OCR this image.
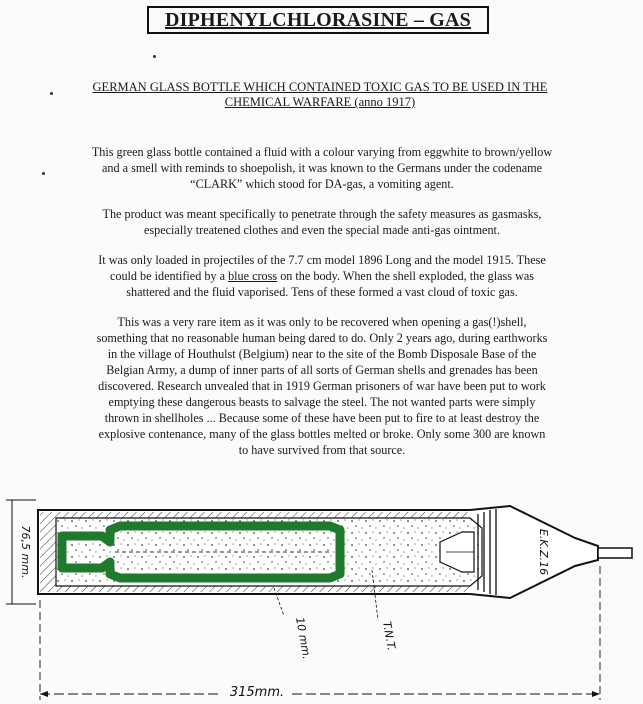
DIPHENYLCHLORASINE – GAS
GERMAN GLASS BOTTLE WHICH CONTAINED TOXIC GAS TO BE USED IN THE
CHEMICAL WARFARE (anno 1917)
This green glass bottle contained a fluid with a colour varying from eggwhite to brown/yellow
and a smell with reminds to shoepolish, it was known to the Germans under the codename
“CLARK” which stood for DA-gas, a vomiting agent.
The product was meant specifically to penetrate through the safety measures as gasmasks,
especially treatened clothes and even the special made anti-gas ointment.
It was only loaded in projectiles of the 7.7 cm model 1896 Long and the model 1915. These
could be identified by a blue cross on the body. When the shell exploded, the glass was
shattered and the fluid vaporised. Tens of these formed a vast cloud of toxic gas.
This was a very rare item as it was only to be recovered when opening a gas(!)shell,
something that no reasonable human being dared to do. Only 2 years ago, during earthworks
in the village of Houthulst (Belgium) near to the site of the Bomb Disposale Base of the
Belgian Army, a dump of inner parts of all sorts of German shells and grenades has been
discovered. Research unvealed that in 1919 German prisoners of war have been put to work
emptying these dangerous beasts to salvage the steel. The not wanted parts were simply
thrown in shellholes ... Because some of these have been put to fire to at least destroy the
explosive contenance, many of the glass bottles melted or broke. Only some 300 are known
to have survived from that source.
E.K.Z.16
76,5 mm.
10 mm.	T.N.T.
315mm.
